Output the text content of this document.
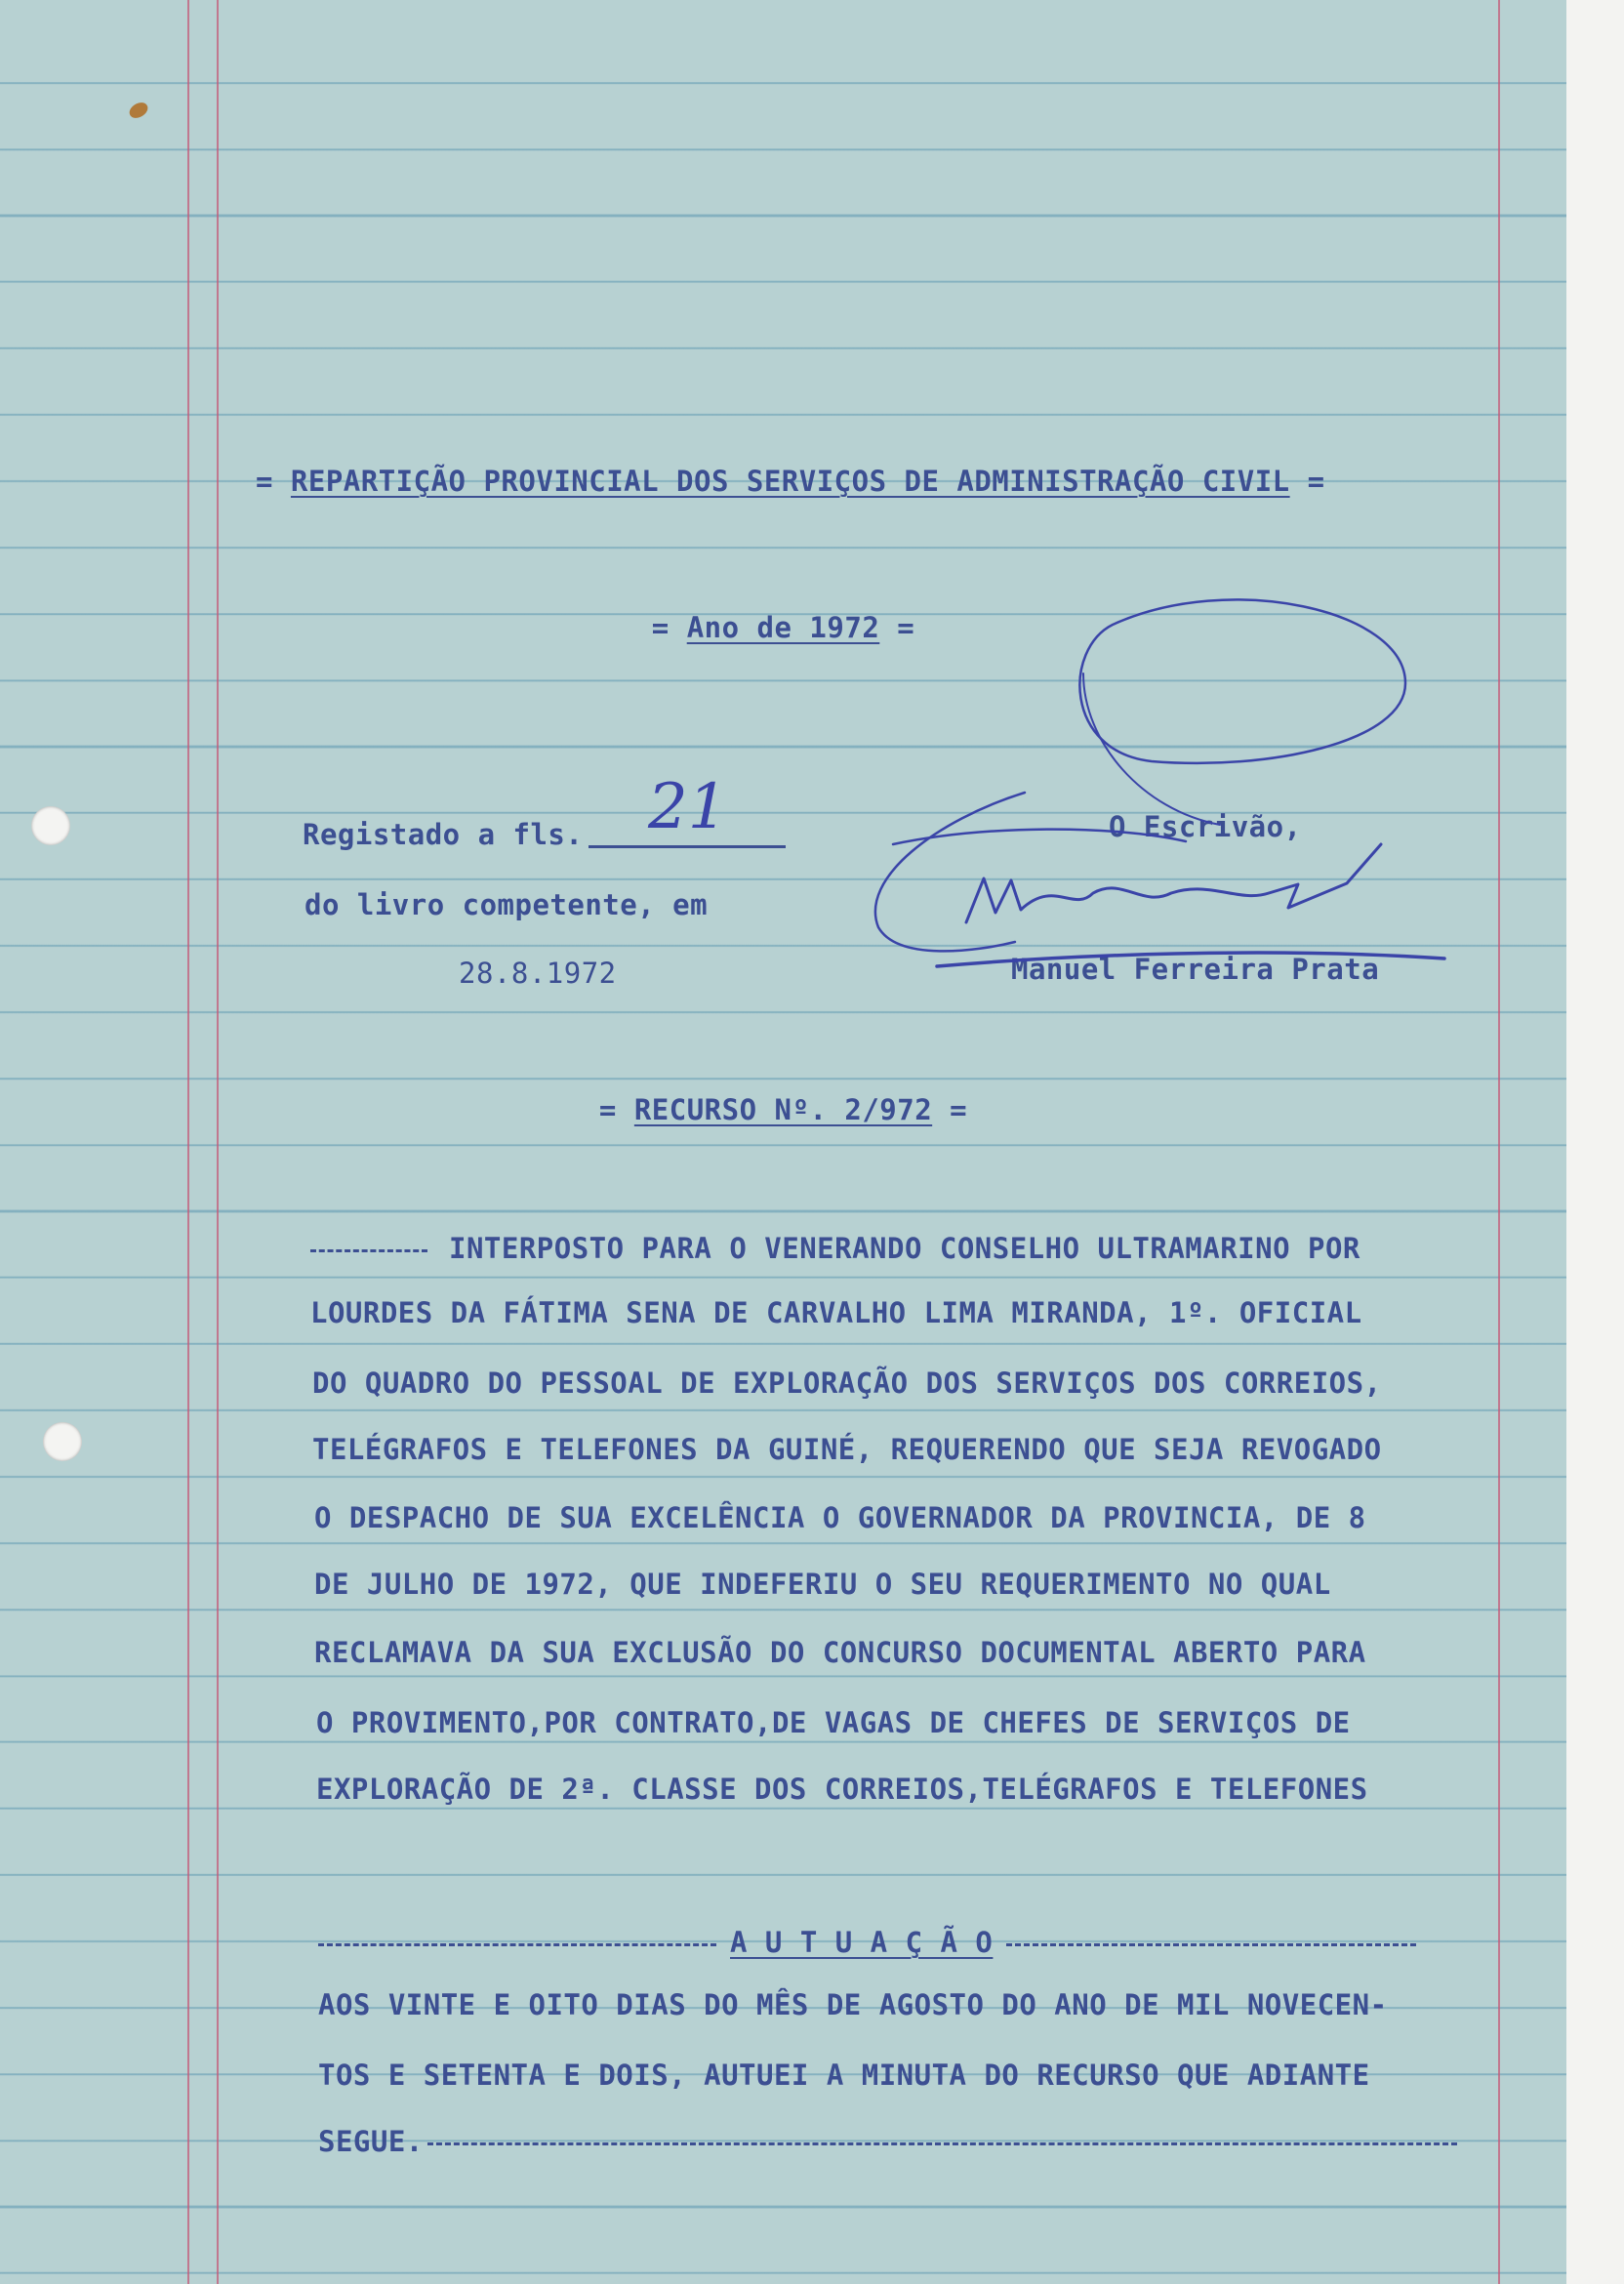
= REPARTIÇÃO PROVINCIAL DOS SERVIÇOS DE ADMINISTRAÇÃO CIVIL =

= Ano de 1972 =

Registado a fls.	21

do livro competente, em

28.8.1972

O Escrivão,

Manuel Ferreira Prata

= RECURSO Nº. 2/972 =

INTERPOSTO PARA O VENERANDO CONSELHO ULTRAMARINO POR

LOURDES DA FÁTIMA SENA DE CARVALHO LIMA MIRANDA, 1º. OFICIAL

DO QUADRO DO PESSOAL DE EXPLORAÇÃO DOS SERVIÇOS DOS CORREIOS,

TELÉGRAFOS E TELEFONES DA GUINÉ, REQUERENDO QUE SEJA REVOGADO

O DESPACHO DE SUA EXCELÊNCIA O GOVERNADOR DA PROVINCIA, DE 8

DE JULHO DE 1972, QUE INDEFERIU O SEU REQUERIMENTO NO QUAL

RECLAMAVA DA SUA EXCLUSÃO DO CONCURSO DOCUMENTAL ABERTO PARA

O PROVIMENTO,POR CONTRATO,DE VAGAS DE CHEFES DE SERVIÇOS DE

EXPLORAÇÃO DE 2ª. CLASSE DOS CORREIOS,TELÉGRAFOS E TELEFONES

A U T U A Ç Ã O

AOS VINTE E OITO DIAS DO MÊS DE AGOSTO DO ANO DE MIL NOVECEN-

TOS E SETENTA E DOIS, AUTUEI A MINUTA DO RECURSO QUE ADIANTE

SEGUE.
